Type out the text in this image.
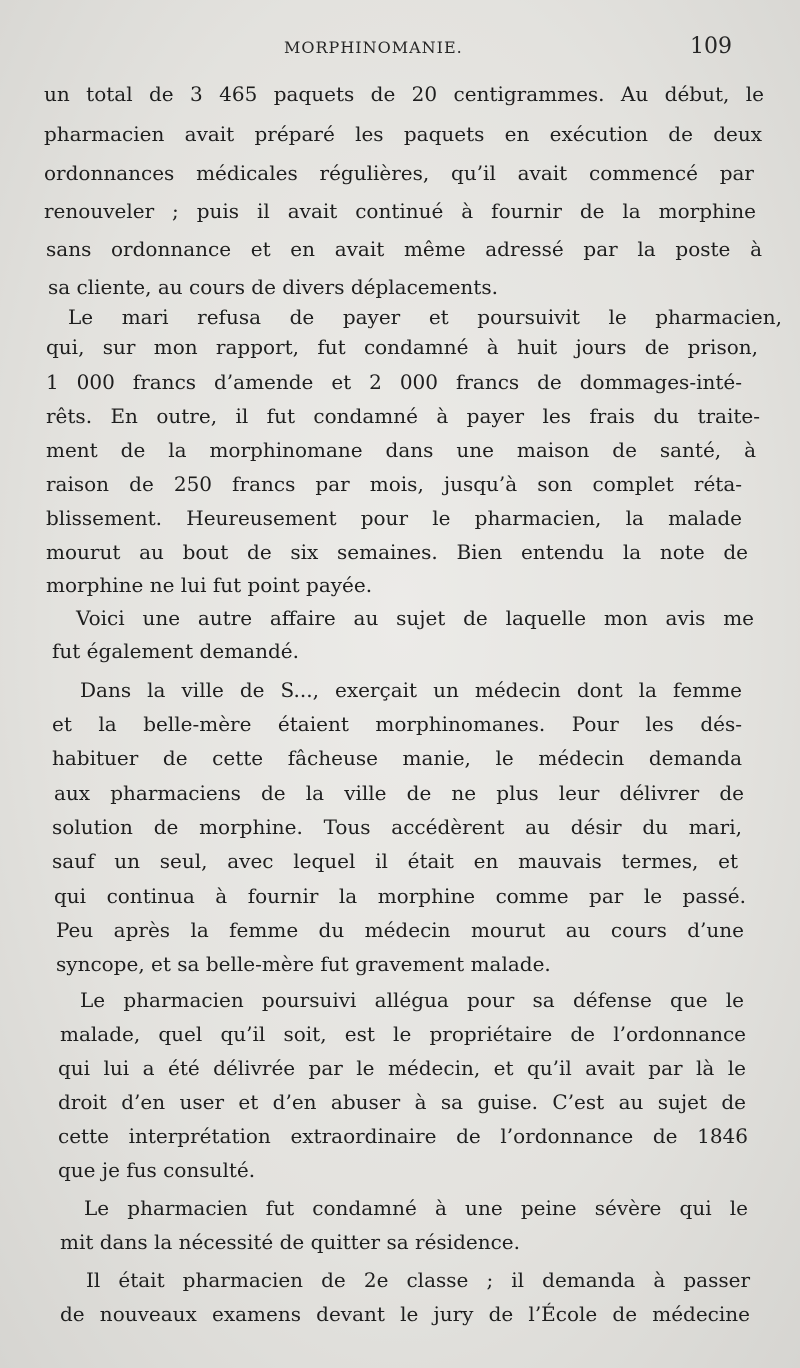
MORPHINOMANIE.	109
un total de 3 465 paquets de 20 centigrammes. Au début, le
pharmacien avait préparé les paquets en exécution de deux
ordonnances médicales régulières, qu’il avait commencé par
renouveler ; puis il avait continué à fournir de la morphine
sans ordonnance et en avait même adressé par la poste à
sa cliente, au cours de divers déplacements.
Le mari refusa de payer et poursuivit le pharmacien,
qui, sur mon rapport, fut condamné à huit jours de prison,
1 000 francs d’amende et 2 000 francs de dommages-inté-
rêts. En outre, il fut condamné à payer les frais du traite-
ment de la morphinomane dans une maison de santé, à
raison de 250 francs par mois, jusqu’à son complet réta-
blissement. Heureusement pour le pharmacien, la malade
mourut au bout de six semaines. Bien entendu la note de
morphine ne lui fut point payée.
Voici une autre affaire au sujet de laquelle mon avis me
fut également demandé.
Dans la ville de S..., exerçait un médecin dont la femme
et la belle-mère étaient morphinomanes. Pour les dés-
habituer de cette fâcheuse manie, le médecin demanda
aux pharmaciens de la ville de ne plus leur délivrer de
solution de morphine. Tous accédèrent au désir du mari,
sauf un seul, avec lequel il était en mauvais termes, et
qui continua à fournir la morphine comme par le passé.
Peu après la femme du médecin mourut au cours d’une
syncope, et sa belle-mère fut gravement malade.
Le pharmacien poursuivi allégua pour sa défense que le
malade, quel qu’il soit, est le propriétaire de l’ordonnance
qui lui a été délivrée par le médecin, et qu’il avait par là le
droit d’en user et d’en abuser à sa guise. C’est au sujet de
cette interprétation extraordinaire de l’ordonnance de 1846
que je fus consulté.
Le pharmacien fut condamné à une peine sévère qui le
mit dans la nécessité de quitter sa résidence.
Il était pharmacien de 2e classe ; il demanda à passer
de nouveaux examens devant le jury de l’École de médecine
